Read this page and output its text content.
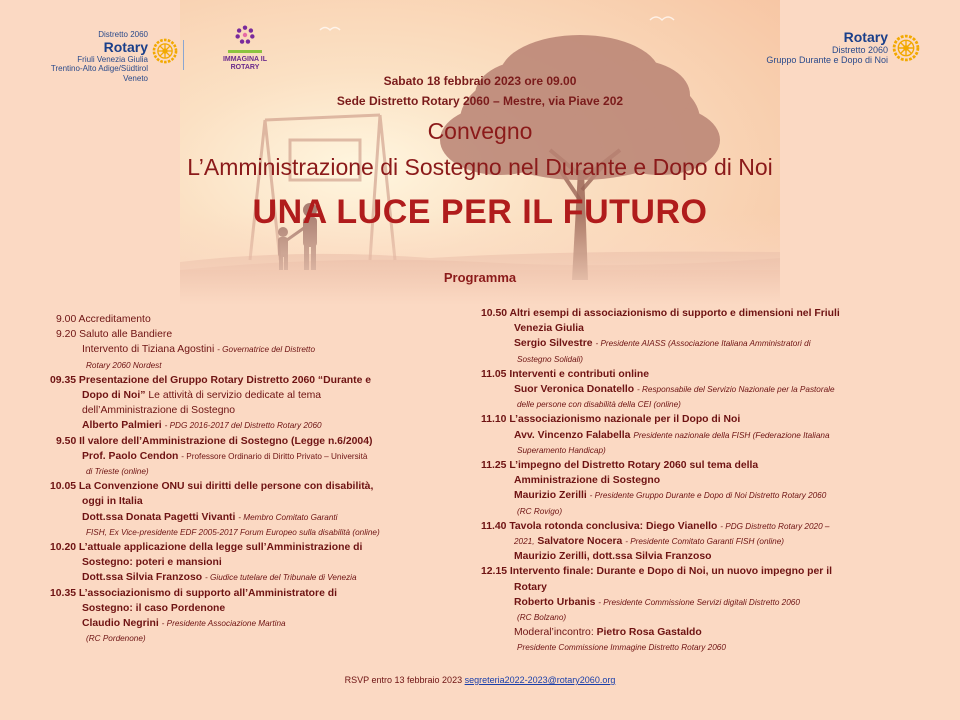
Distretto 2060
Rotary
Friuli Venezia Giulia
Trentino-Alto Adige/Südtirol
Veneto
IMMAGINA IL
ROTARY
Rotary
Distretto 2060
Gruppo Durante e Dopo di Noi
Sabato 18 febbraio 2023 ore 09.00
Sede Distretto Rotary 2060 – Mestre, via Piave 202
Convegno
L’Amministrazione di Sostegno nel Durante e Dopo di Noi
UNA LUCE PER IL FUTURO
Programma
9.00 Accreditamento
9.20 Saluto alle Bandiere
Intervento di Tiziana Agostini - Governatrice del Distretto
Rotary 2060 Nordest
09.35 Presentazione del Gruppo Rotary Distretto 2060 “Durante e
Dopo di Noi” Le attività di servizio dedicate al tema
dell’Amministrazione di Sostegno
Alberto Palmieri - PDG 2016-2017 del Distretto Rotary 2060
9.50 Il valore dell’Amministrazione di Sostegno (Legge n.6/2004)
Prof. Paolo Cendon - Professore Ordinario di Diritto Privato – Università
di Trieste (online)
10.05 La Convenzione ONU sui diritti delle persone con disabilità,
oggi in Italia
Dott.ssa Donata Pagetti Vivanti - Membro Comitato Garanti
FISH, Ex Vice-presidente EDF 2005-2017 Forum Europeo sulla disabilità (online)
10.20 L’attuale applicazione della legge sull’Amministrazione di
Sostegno: poteri e mansioni
Dott.ssa Silvia Franzoso - Giudice tutelare del Tribunale di Venezia
10.35 L’associazionismo di supporto all’Amministratore di
Sostegno: il caso Pordenone
Claudio Negrini - Presidente Associazione Martina
(RC Pordenone)
10.50 Altri esempi di associazionismo di supporto e dimensioni nel Friuli
Venezia Giulia
Sergio Silvestre - Presidente AIASS (Associazione Italiana Amministratori di
Sostegno Solidali)
11.05 Interventi e contributi online
Suor Veronica Donatello - Responsabile del Servizio Nazionale per la Pastorale
delle persone con disabilità della CEI (online)
11.10 L’associazionismo nazionale per il Dopo di Noi
Avv. Vincenzo Falabella Presidente nazionale della FISH (Federazione Italiana
Superamento Handicap)
11.25 L’impegno del Distretto Rotary 2060 sul tema della
Amministrazione di Sostegno
Maurizio Zerilli - Presidente Gruppo Durante e Dopo di Noi Distretto Rotary 2060
(RC Rovigo)
11.40 Tavola rotonda conclusiva: Diego Vianello - PDG Distretto Rotary 2020 –
2021, Salvatore Nocera - Presidente Comitato Garanti FISH (online)
Maurizio Zerilli, dott.ssa Silvia Franzoso
12.15 Intervento finale: Durante e Dopo di Noi, un nuovo impegno per il
Rotary
Roberto Urbanis - Presidente Commissione Servizi digitali Distretto 2060
(RC Bolzano)
Moderal’incontro: Pietro Rosa Gastaldo
Presidente Commissione Immagine Distretto Rotary 2060
RSVP entro 13 febbraio 2023 segreteria2022-2023@rotary2060.org
